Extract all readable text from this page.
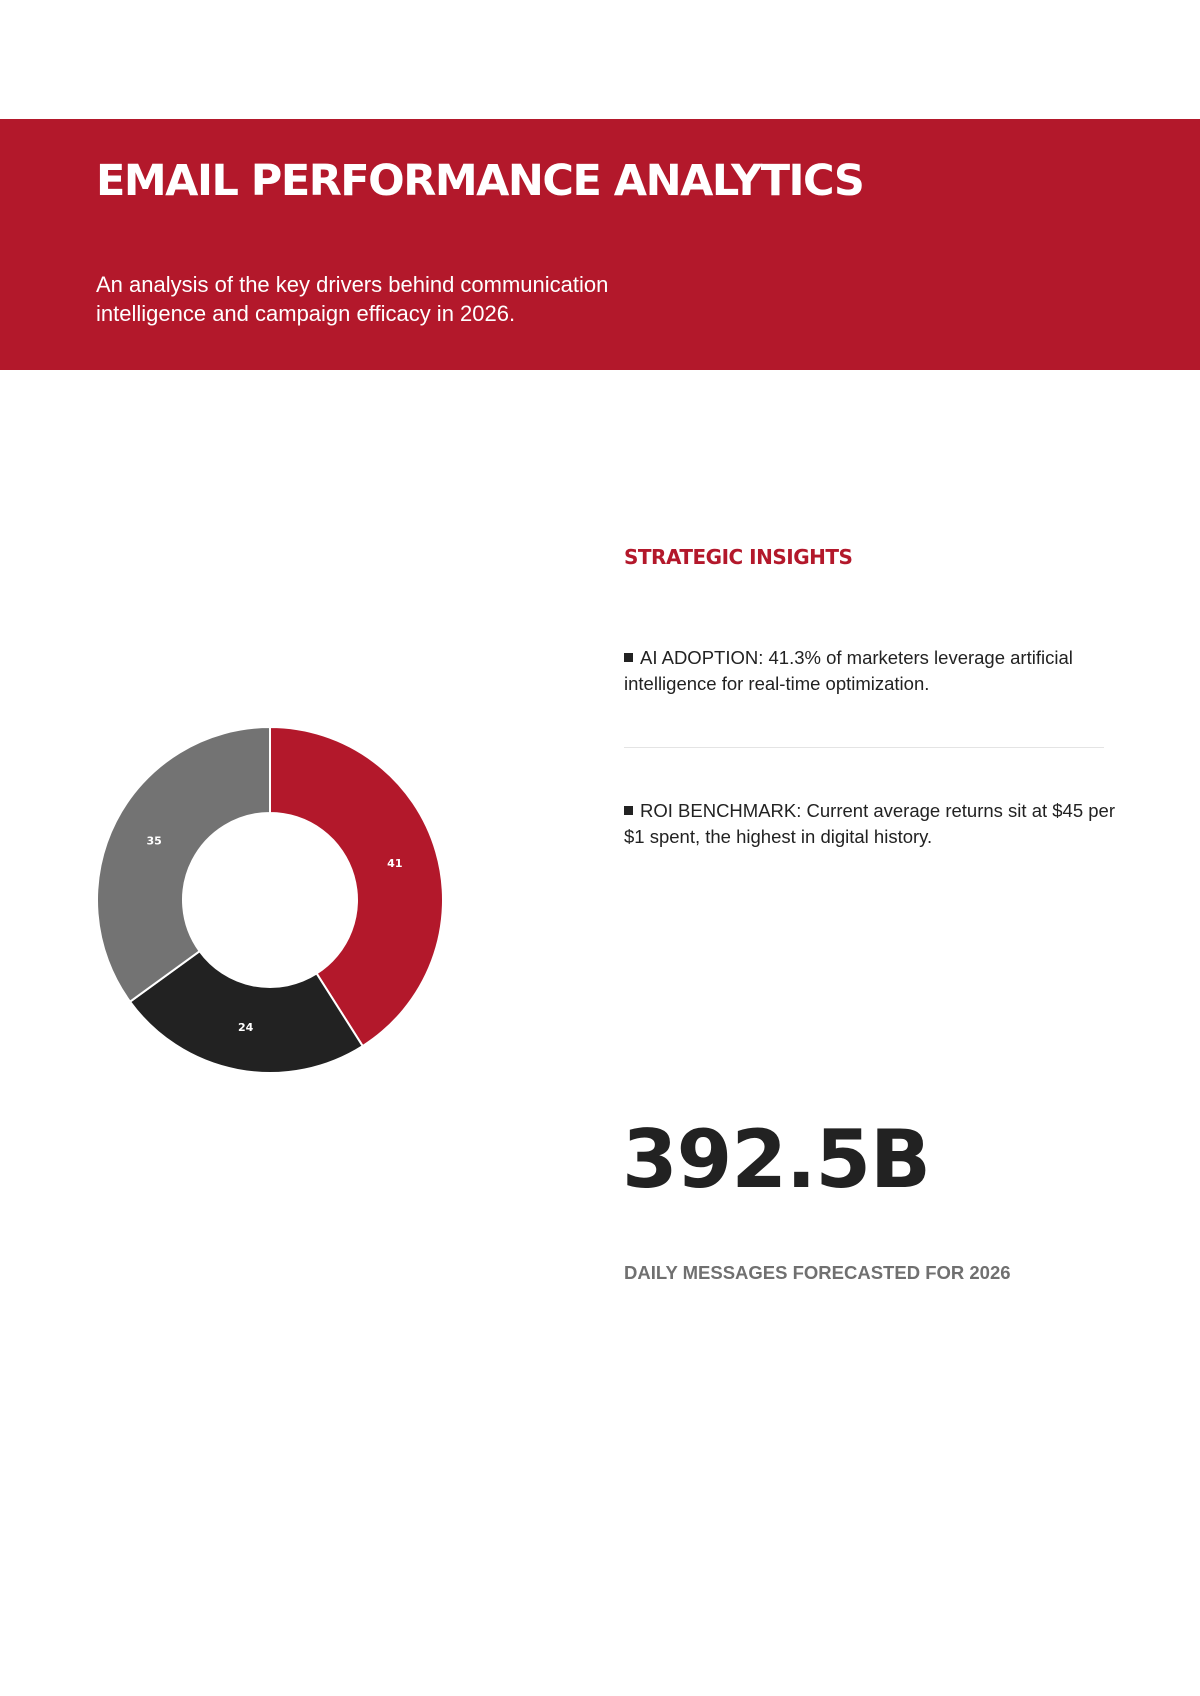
EMAIL PERFORMANCE ANALYTICS

An analysis of the key drivers behind communication intelligence and campaign efficacy in 2026.

41
24
35
STRATEGIC INSIGHTS

AI ADOPTION: 41.3% of marketers leverage artificial intelligence for real-time optimization.

ROI BENCHMARK: Current average returns sit at $45 per $1 spent, the highest in digital history.

392.5B
DAILY MESSAGES FORECASTED FOR 2026
